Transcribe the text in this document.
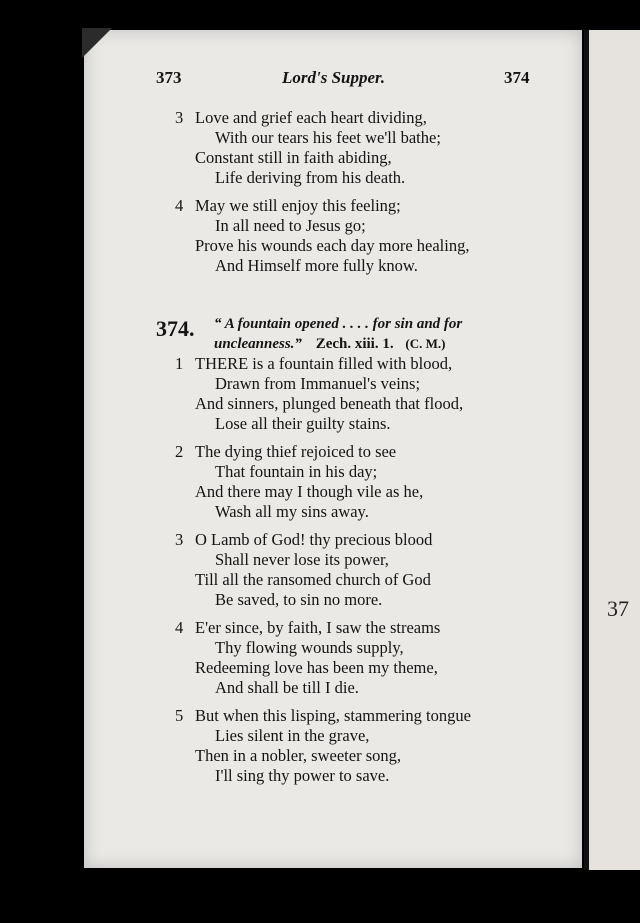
37
373	Lord's Supper.	374
3 Love and grief each heart dividing,
With our tears his feet we'll bathe;
Constant still in faith abiding,
Life deriving from his death.
4 May we still enjoy this feeling;
In all need to Jesus go;
Prove his wounds each day more healing,
And Himself more fully know.
374. “ A fountain opened . . . . for sin and for
uncleanness.” Zech. xiii. 1. (C. M.)
1 THERE is a fountain filled with blood,
Drawn from Immanuel's veins;
And sinners, plunged beneath that flood,
Lose all their guilty stains.
2 The dying thief rejoiced to see
That fountain in his day;
And there may I though vile as he,
Wash all my sins away.
3 O Lamb of God! thy precious blood
Shall never lose its power,
Till all the ransomed church of God
Be saved, to sin no more.
4 E'er since, by faith, I saw the streams
Thy flowing wounds supply,
Redeeming love has been my theme,
And shall be till I die.
5 But when this lisping, stammering tongue
Lies silent in the grave,
Then in a nobler, sweeter song,
I'll sing thy power to save.
